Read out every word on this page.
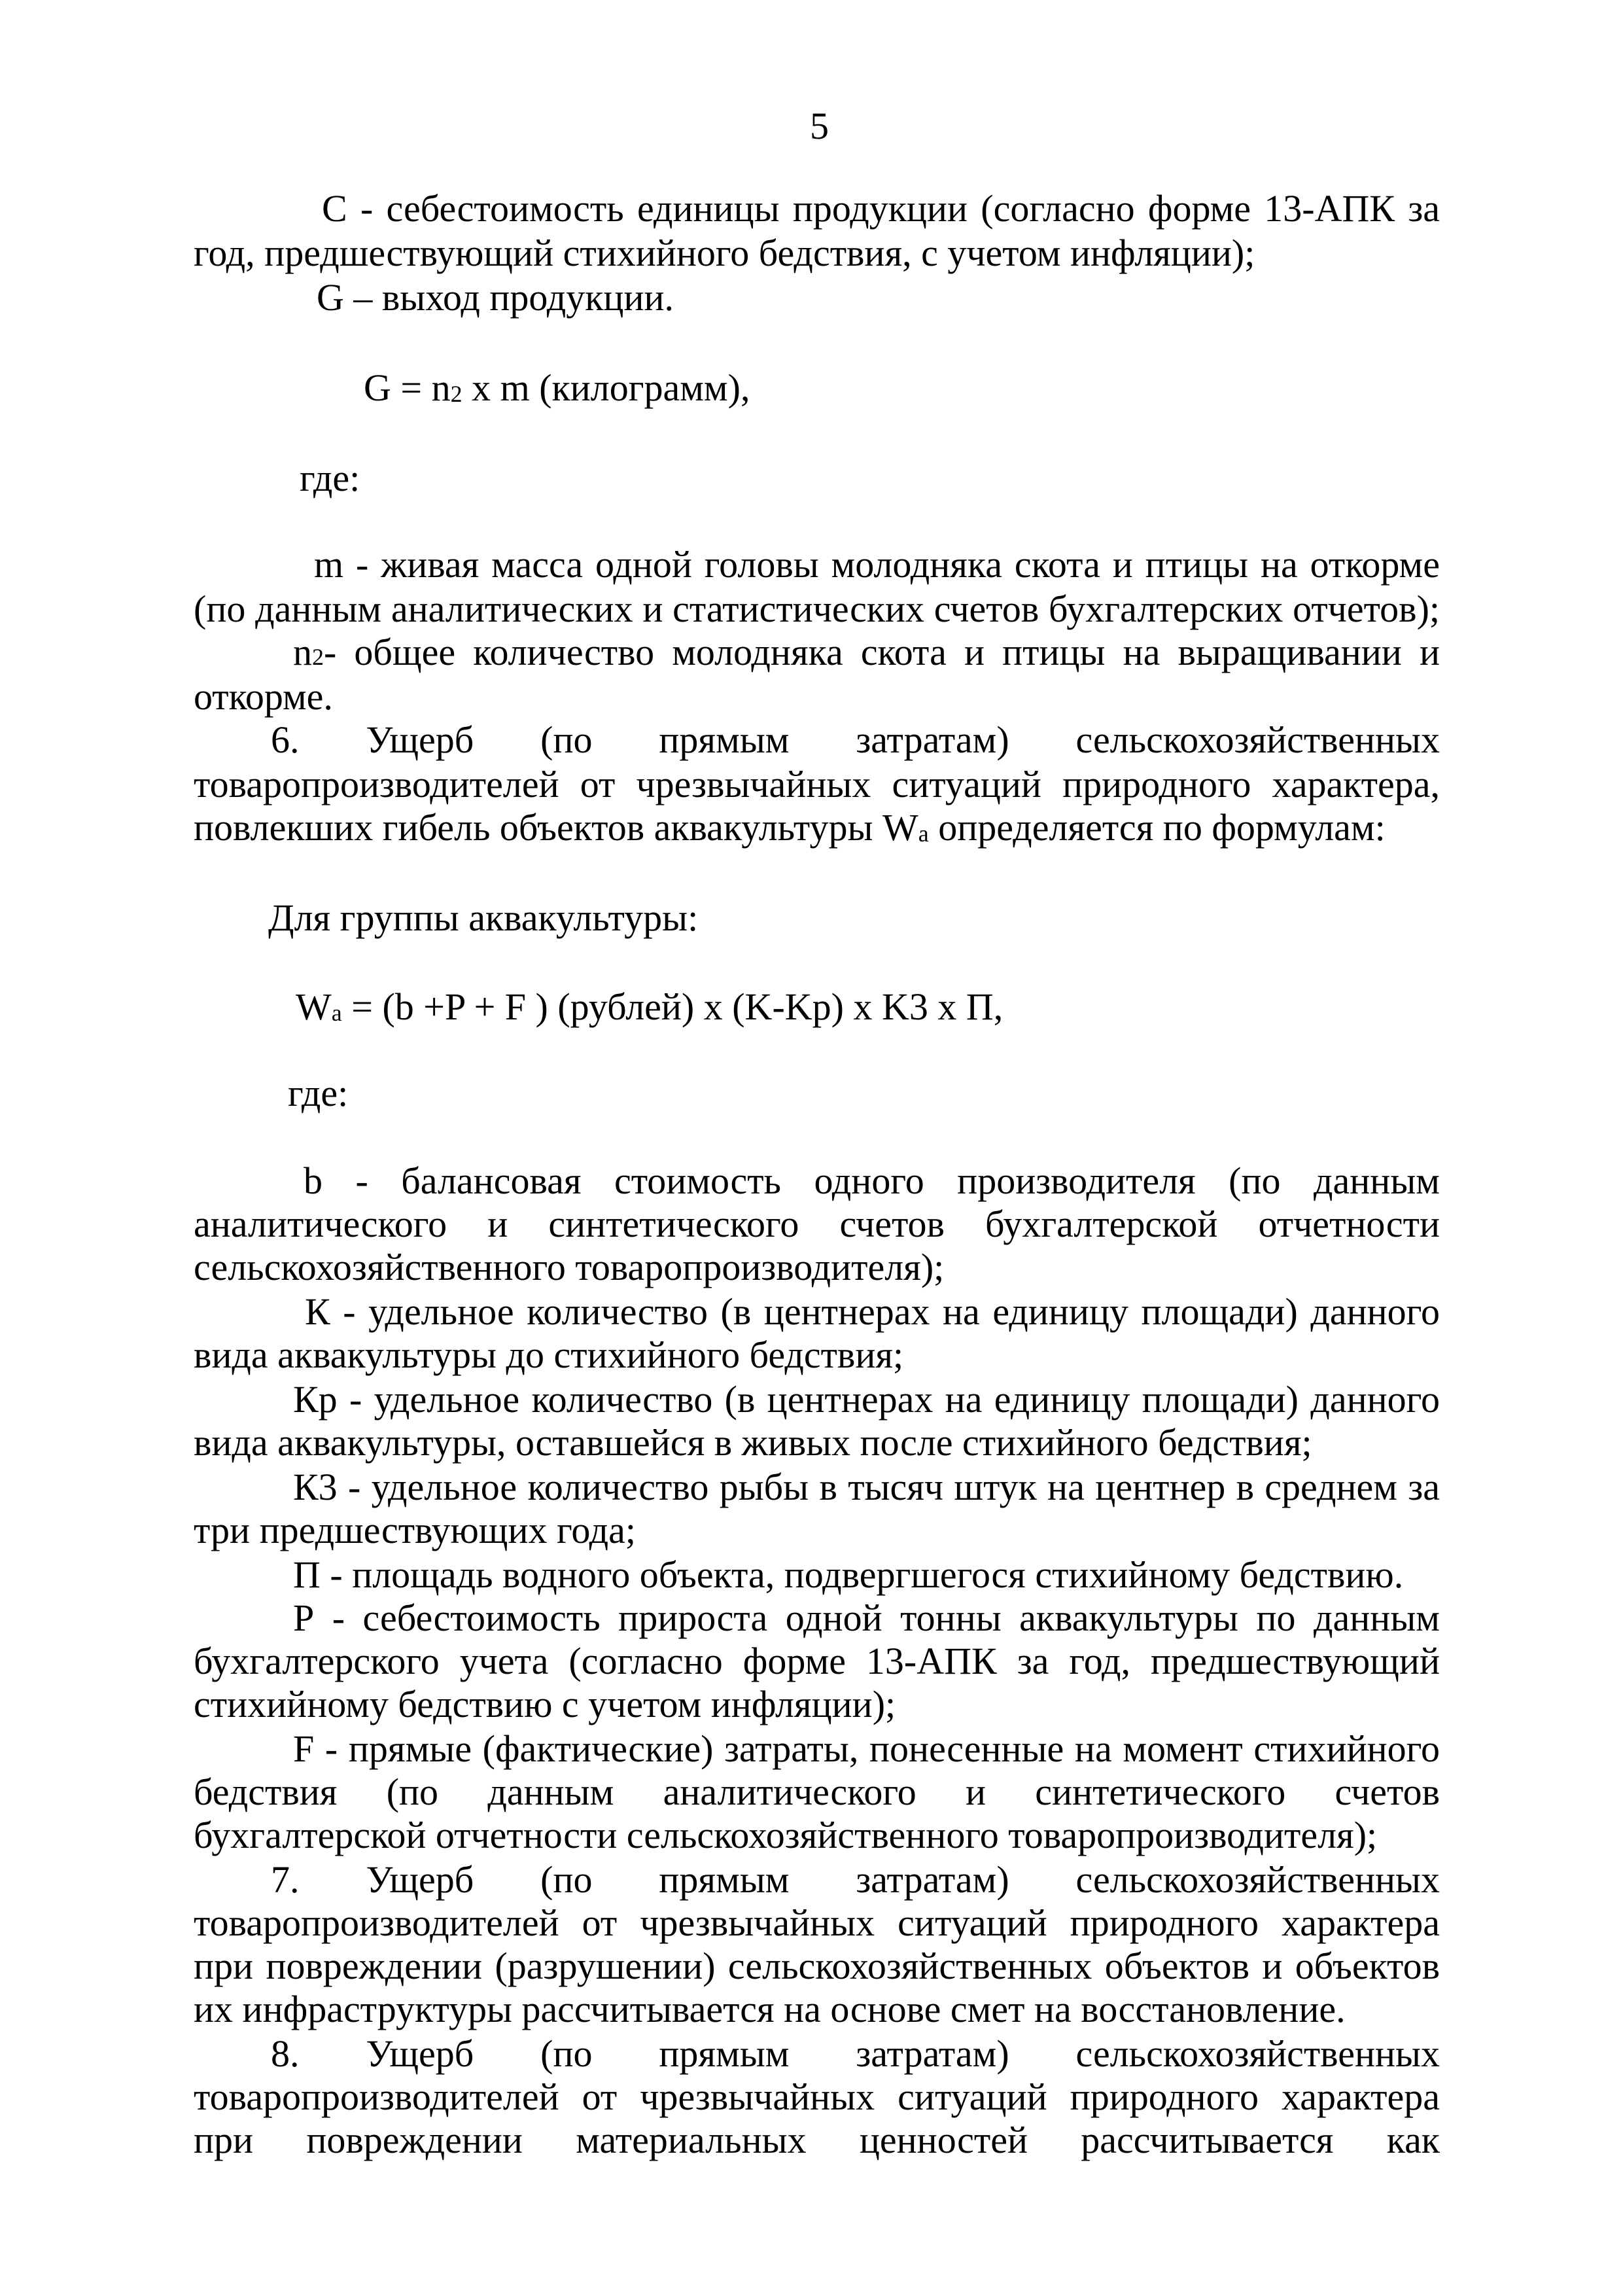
5
С - себестоимость единицы продукции (согласно форме 13-АПК за
год, предшествующий стихийного бедствия, с учетом инфляции);
G – выход продукции.
$G = n_2$ x m (килограмм),
где:
m - живая масса одной головы молодняка скота и птицы на откорме
(по данным аналитических и статистических счетов бухгалтерских отчетов);
n 2 - общее количество молодняка скота и птицы на выращивании и
откорме.
6. Ущерб (по прямым затратам) сельскохозяйственных
товаропроизводителей от чрезвычайных ситуаций природного характера,
повлекших гибель объектов аквакультуры $W_a$ определяется по формулам:
Для группы аквакультуры:
$W_a = (b +P + F$ ) (рублей) x (K-Kp) x K3 x П,
где:
b - балансовая стоимость одного производителя (по данным
аналитического и синтетического счетов бухгалтерской отчетности
сельскохозяйственного товаропроизводителя);
К - удельное количество (в центнерах на единицу площади) данного
вида аквакультуры до стихийного бедствия;
Кр - удельное количество (в центнерах на единицу площади) данного
вида аквакультуры, оставшейся в живых после стихийного бедствия;
К3 - удельное количество рыбы в тысяч штук на центнер в среднем за
три предшествующих года;
П - площадь водного объекта, подвергшегося стихийному бедствию.
Р - себестоимость прироста одной тонны аквакультуры по данным
бухгалтерского учета (согласно форме 13-АПК за год, предшествующий
стихийному бедствию с учетом инфляции);
F - прямые (фактические) затраты, понесенные на момент стихийного
бедствия (по данным аналитического и синтетического счетов
бухгалтерской отчетности сельскохозяйственного товаропроизводителя);
7. Ущерб (по прямым затратам) сельскохозяйственных
товаропроизводителей от чрезвычайных ситуаций природного характера
при повреждении (разрушении) сельскохозяйственных объектов и объектов
их инфраструктуры рассчитывается на основе смет на восстановление.
8. Ущерб (по прямым затратам) сельскохозяйственных
товаропроизводителей от чрезвычайных ситуаций природного характера
при повреждении материальных ценностей рассчитывается как
